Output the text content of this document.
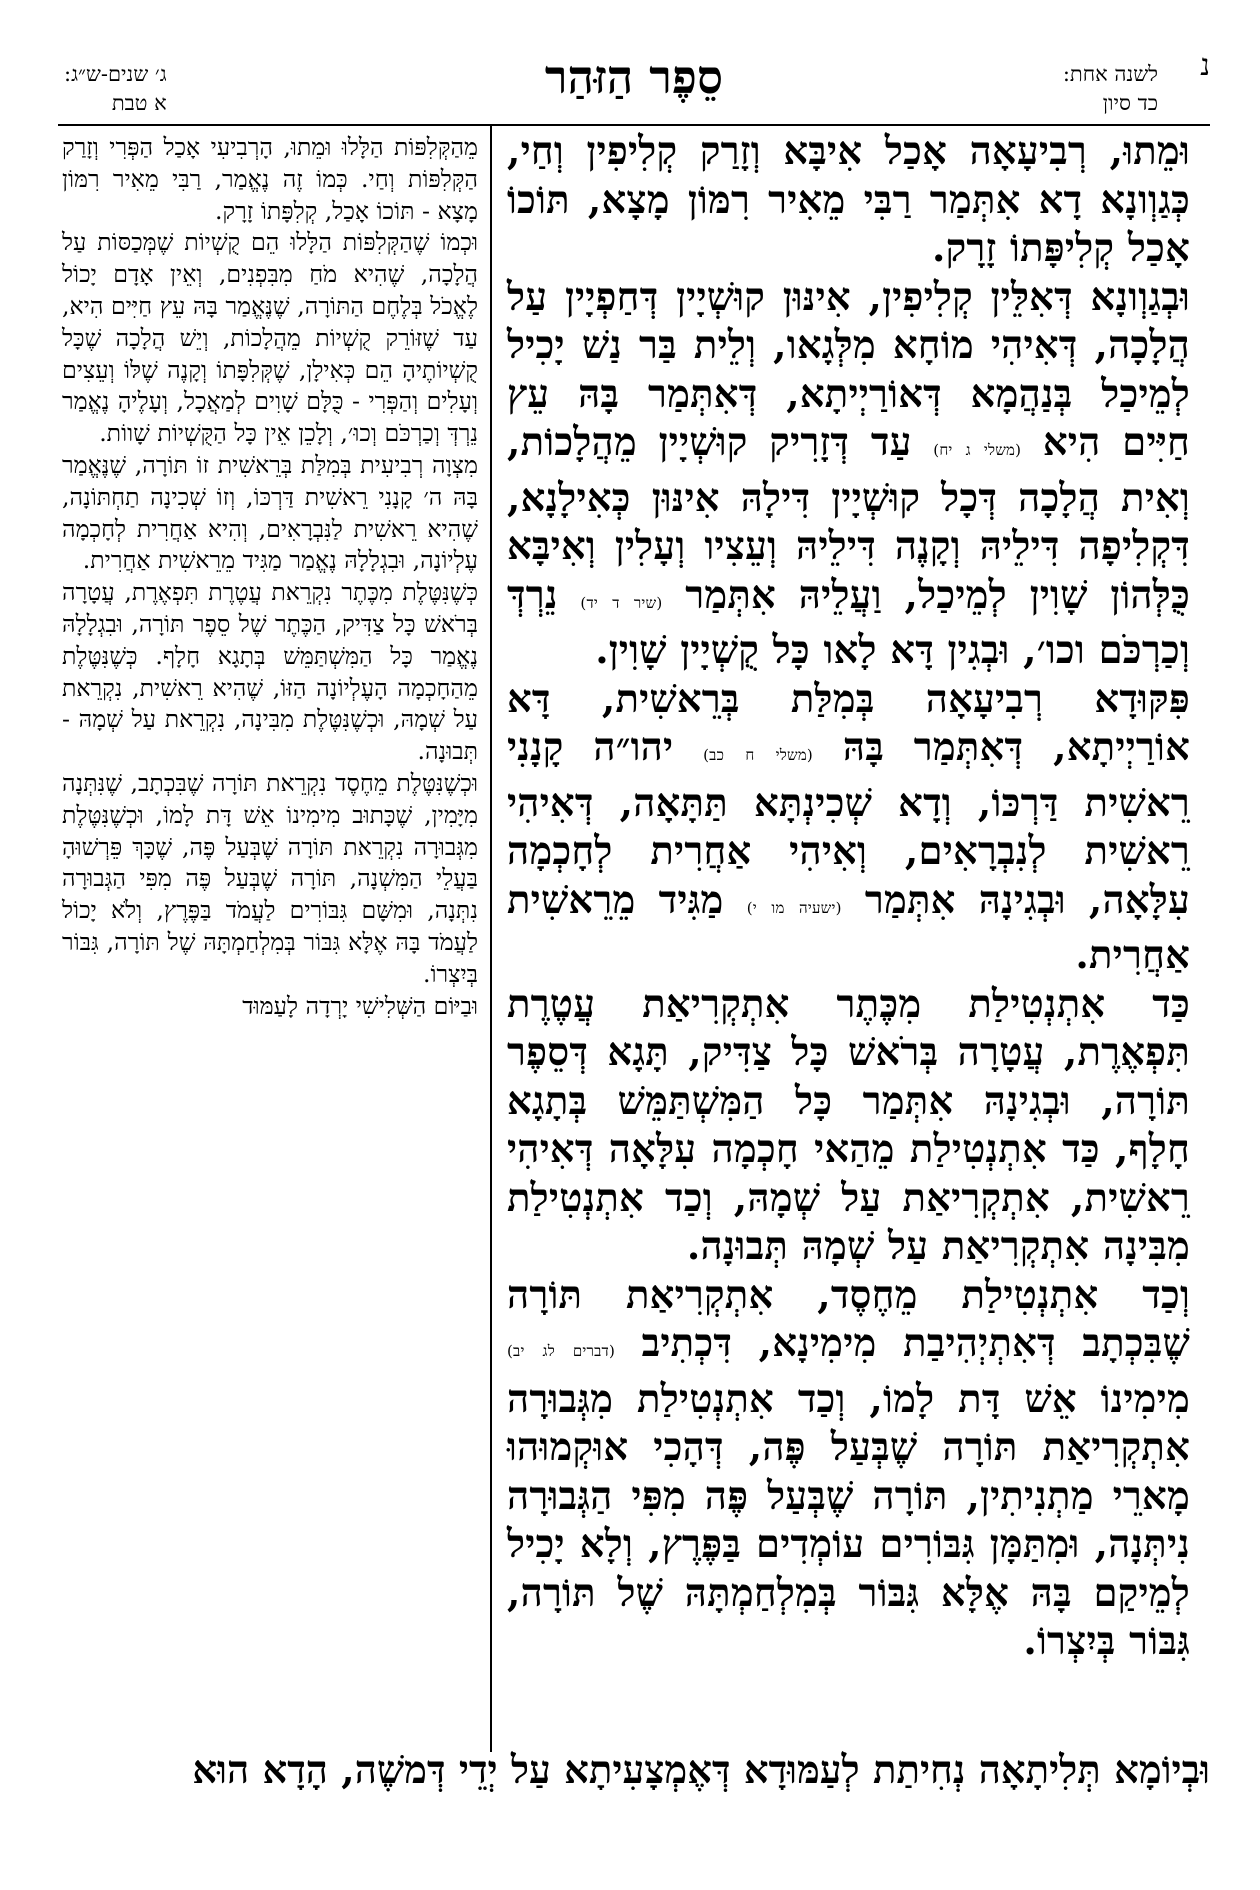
נ
לשנה אחת:
כד סיון
סֵפֶר הַזּהַר
ג׳ שנים-ש״ג:
א טבת

וּמֵתוּ, רְבִיעָאָה אָכַל אִיבָּא וְזָרַק קְלִיפִין וְחַי, כְּגַוְונָא דָא אִתְּמַר רַבִּי מֵאִיר רִמּוֹן מָצָא, תּוֹכוֹ אָכַל קְלִיפָּתוֹ זָרָק.

וּבְגַוְונָא דְּאִלֵּין קְלִיפִין, אִינּוּן קוּשְׁיָין דְּחַפְיָין עַל הֲלָכָה, דְּאִיהִי מוֹחָא מִלְּגָאו, וְלֵית בַּר נַשׁ יָכִיל לְמֵיכַל בְּנַהֲמָא דְּאוֹרַיְיתָא, דְּאִתְּמַר בָּהּ עֵץ חַיִּים הִיא (משלי ג יח) עַד דְּזָרִיק קוּשְׁיָין מֵהֲלָכוֹת, וְאִית הֲלָכָה דְּכָל קוּשְׁיָין דִּילָהּ אִינּוּן כְּאִילָנָא, דִּקְלִיפָה דִּילֵיהּ וְקָנֶה דִּילֵיהּ וְעֵצִיו וְעָלִין וְאִיבָּא כֻּלְּהוֹן שָׁוִין לְמֵיכַל, וַעֲלֵיהּ אִתְּמַר (שיר ד יד) נֵרְדְּ וְכַרְכֹּם וכו׳, וּבְגִין דָּא לָאו כָּל קֻשְׁיָין שָׁוִין.

פִּקּוּדָא רְבִיעָאָה בְּמִלַּת בְּרֵאשִׁית, דָּא אוֹרַיְיתָא, דְּאִתְּמַר בָּהּ (משלי ח כב) יהו״ה קָנָנִי רֵאשִׁית דַּרְכּוֹ, וְדָא שְׁכִינְתָּא תַּתָּאָה, דְּאִיהִי רֵאשִׁית לְנִבְרָאִים, וְאִיהִי אַחֲרִית לְחָכְמָה עִלָּאָה, וּבְגִינָהּ אִתְּמַר (ישעיה מו י) מַגִּיד מֵרֵאשִׁית אַחֲרִית.

כַּד אִתְנְטִילַת מִכֶּתֶר אִתְקְרִיאַת עֲטֶרֶת תִּפְאֶרֶת, עֲטָרָה בְּרֹאשׁ כָּל צַדִּיק, תָּגָא דְּסֵפֶר תּוֹרָה, וּבְגִינָהּ אִתְּמַר כָּל הַמִּשְׁתַּמֵּשׁ בְּתָגָא חָלָף, כַּד אִתְנְטִילַת מֵהַאי חָכְמָה עִלָּאָה דְּאִיהִי רֵאשִׁית, אִתְקְרִיאַת עַל שְׁמָהּ, וְכַד אִתְנְטִילַת מִבִּינָה אִתְקְרִיאַת עַל שְׁמָהּ תְּבוּנָה.

וְכַד אִתְנְטִילַת מֵחֶסֶד, אִתְקְרִיאַת תּוֹרָה שֶׁבִּכְתָב דְּאִתְיְהִיבַת מִימִינָא, דִּכְתִיב (דברים לג יב) מִימִינוֹ אֵשׁ דָּת לָמוֹ, וְכַד אִתְנְטִילַת מִגְּבוּרָה אִתְקְרִיאַת תּוֹרָה שֶׁבְּעַל פֶּה, דְּהָכִי אוּקְמוּהוּ מָארֵי מַתְנִיתִין, תּוֹרָה שֶׁבְּעַל פֶּה מִפִּי הַגְּבוּרָה נִיתְּנָה, וּמִתַּמָּן גִּבּוֹרִים עוֹמְדִים בַּפֶּרֶץ, וְלָא יָכִיל לְמֵיקַם בָּהּ אֶלָּא גִּבּוֹר בְּמִלְחַמְתָּהּ שֶׁל תּוֹרָה, גִּבּוֹר בְּיִצְרוֹ.

מֵהַקְּלִפּוֹת הַלָּלוּ וּמֵתוּ, הָרְבִיעִי אָכַל הַפְּרִי וְזָרַק הַקְּלִפּוֹת וְחַי. כְּמוֹ זֶה נֶאֱמַר, רַבִּי מֵאִיר רִמּוֹן מָצָא - תּוֹכוֹ אָכַל, קְלִפָּתוֹ זָרָק.

וּכְמוֹ שֶׁהַקְּלִפּוֹת הַלָּלוּ הֵם קֻשְׁיוֹת שֶׁמְּכַסּוֹת עַל הֲלָכָה, שֶׁהִיא מֹחַ מִבִּפְנִים, וְאֵין אָדָם יָכוֹל לֶאֱכֹל בְּלֶחֶם הַתּוֹרָה, שֶׁנֶּאֱמַר בָּהּ עֵץ חַיִּים הִיא, עַד שֶׁזּוֹרֵק קֻשְׁיוֹת מֵהֲלָכוֹת, וְיֵשׁ הֲלָכָה שֶׁכָּל קֻשְׁיוֹתֶיהָ הֵם כְּאִילָן, שֶׁקְּלִפָּתוֹ וְקָנֶה שֶׁלּוֹ וְעֵצִים וְעָלִים וְהַפְּרִי - כֻּלָּם שָׁוִים לְמַאֲכָל, וְעָלֶיהָ נֶאֱמַר נֵרְדְּ וְכַרְכֹּם וְכוּ׳, וְלָכֵן אֵין כָּל הַקֻּשְׁיוֹת שָׁווֹת.

מִצְוָה רְבִיעִית בְּמִלַּת בְּרֵאשִׁית זוֹ תּוֹרָה, שֶׁנֶּאֱמַר בָּהּ ה׳ קָנָנִי רֵאשִׁית דַּרְכּוֹ, וְזוֹ שְׁכִינָה תַחְתּוֹנָה, שֶׁהִיא רֵאשִׁית לַנִּבְרָאִים, וְהִיא אַחֲרִית לְחָכְמָה עֶלְיוֹנָה, וּבִגְלָלָהּ נֶאֱמַר מַגִּיד מֵרֵאשִׁית אַחֲרִית.

כְּשֶׁנִּטֶּלֶת מִכֶּתֶר נִקְרֵאת עֲטֶרֶת תִּפְאֶרֶת, עֲטָרָה בְּרֹאשׁ כָּל צַדִּיק, הַכֶּתֶר שֶׁל סֵפֶר תּוֹרָה, וּבִגְלָלָהּ נֶאֱמַר כָּל הַמִּשְׁתַּמֵּשׁ בְּתָגָא חָלָף. כְּשֶׁנִּטֶּלֶת מֵהַחָכְמָה הָעֶלְיוֹנָה הַזּוֹ, שֶׁהִיא רֵאשִׁית, נִקְרֵאת עַל שְׁמָהּ, וּכְשֶׁנִּטֶּלֶת מִבִּינָה, נִקְרֵאת עַל שְׁמָהּ - תְּבוּנָה.

וּכְשֶׁנִּטֶּלֶת מֵחֶסֶד נִקְרֵאת תּוֹרָה שֶׁבִּכְתָב, שֶׁנִּתְּנָה מִיָּמִין, שֶׁכָּתוּב מִימִינוֹ אֵשׁ דָּת לָמוֹ, וּכְשֶׁנִּטֶּלֶת מִגְּבוּרָה נִקְרֵאת תּוֹרָה שֶׁבְּעַל פֶּה, שֶׁכָּךְ פֵּרְשׁוּהָ בַּעֲלֵי הַמִּשְׁנָה, תּוֹרָה שֶׁבְּעַל פֶּה מִפִּי הַגְּבוּרָה נִתְּנָה, וּמִשָּׁם גִּבּוֹרִים לַעֲמֹד בַּפֶּרֶץ, וְלֹא יָכוֹל לַעֲמֹד בָּהּ אֶלָּא גִּבּוֹר בְּמִלְחַמְתָּהּ שֶׁל תּוֹרָה, גִּבּוֹר בְּיִצְרוֹ.

וּבַיּוֹם הַשְּׁלִישִׁי יָרְדָה לָעַמּוּד

וּבְיוֹמָא תְּלִיתָאָה נְחִיתַת לְעַמּוּדָא דְּאֶמְצָעִיתָא עַל יְדֵי דְּמשֶׁה, הָדָא הוּא
